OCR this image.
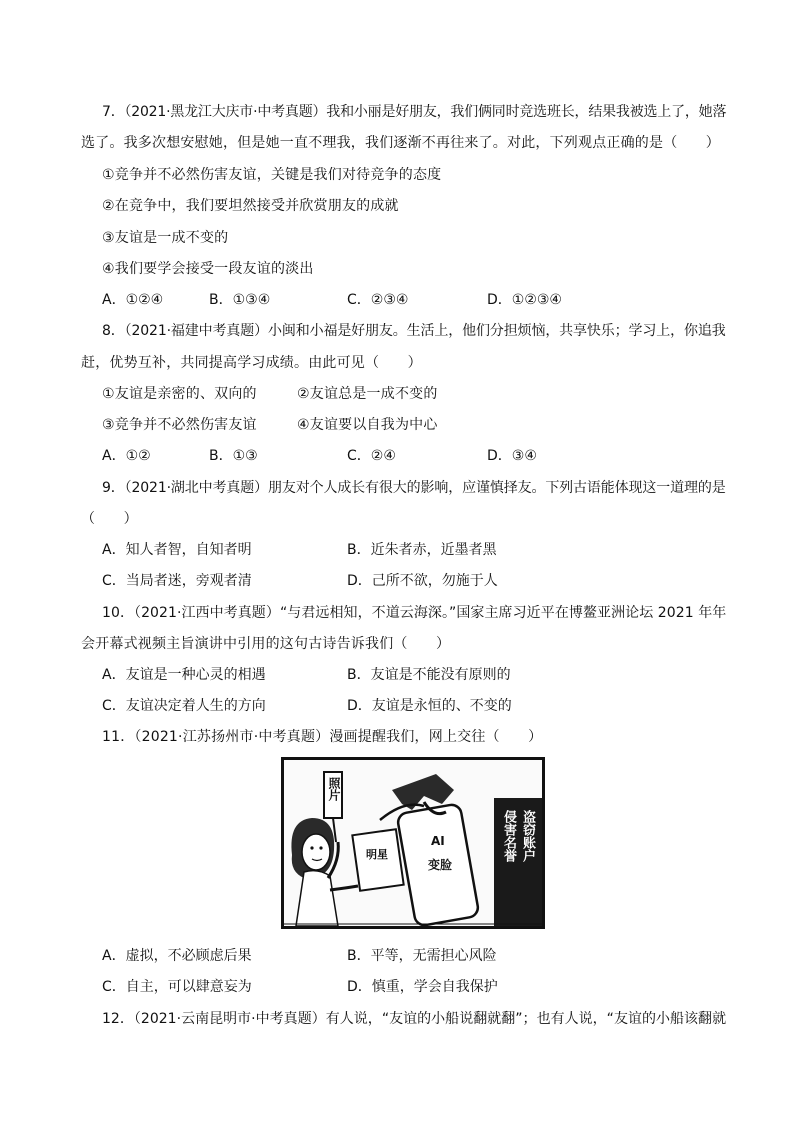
7．（2021·黑龙江大庆市·中考真题）我和小丽是好朋友，我们俩同时竞选班长，结果我被选上了，她落
选了。我多次想安慰她，但是她一直不理我，我们逐渐不再往来了。对此，下列观点正确的是（　　）
①竞争并不必然伤害友谊，关键是我们对待竞争的态度
②在竞争中，我们要坦然接受并欣赏朋友的成就
③友谊是一成不变的
④我们要学会接受一段友谊的淡出
A．①②④	B．①③④	C．②③④	D．①②③④
8．（2021·福建中考真题）小闽和小福是好朋友。生活上，他们分担烦恼，共享快乐；学习上，你追我
赶，优势互补，共同提高学习成绩。由此可见（　　）
①友谊是亲密的、双向的	②友谊总是一成不变的
③竞争并不必然伤害友谊	④友谊要以自我为中心
A．①②	B．①③	C．②④	D．③④
9．（2021·湖北中考真题）朋友对个人成长有很大的影响，应谨慎择友。下列古语能体现这一道理的是
（　　）
A．知人者智，自知者明	B．近朱者赤，近墨者黑
C．当局者迷，旁观者清	D．己所不欲，勿施于人
10．（2021·江西中考真题）“与君远相知，不道云海深。”国家主席习近平在博鳌亚洲论坛 2021 年年
会开幕式视频主旨演讲中引用的这句古诗告诉我们（　　）
A．友谊是一种心灵的相遇	B．友谊是不能没有原则的
C．友谊决定着人生的方向	D．友谊是永恒的、不变的
11．（2021·江苏扬州市·中考真题）漫画提醒我们，网上交往（　　）
照片
明星
AI
变脸
盗窃账户
侵害名誉
A．虚拟，不必顾虑后果	B．平等，无需担心风险
C．自主，可以肆意妄为	D．慎重，学会自我保护
12．（2021·云南昆明市·中考真题）有人说，“友谊的小船说翻就翻”；也有人说，“友谊的小船该翻就
